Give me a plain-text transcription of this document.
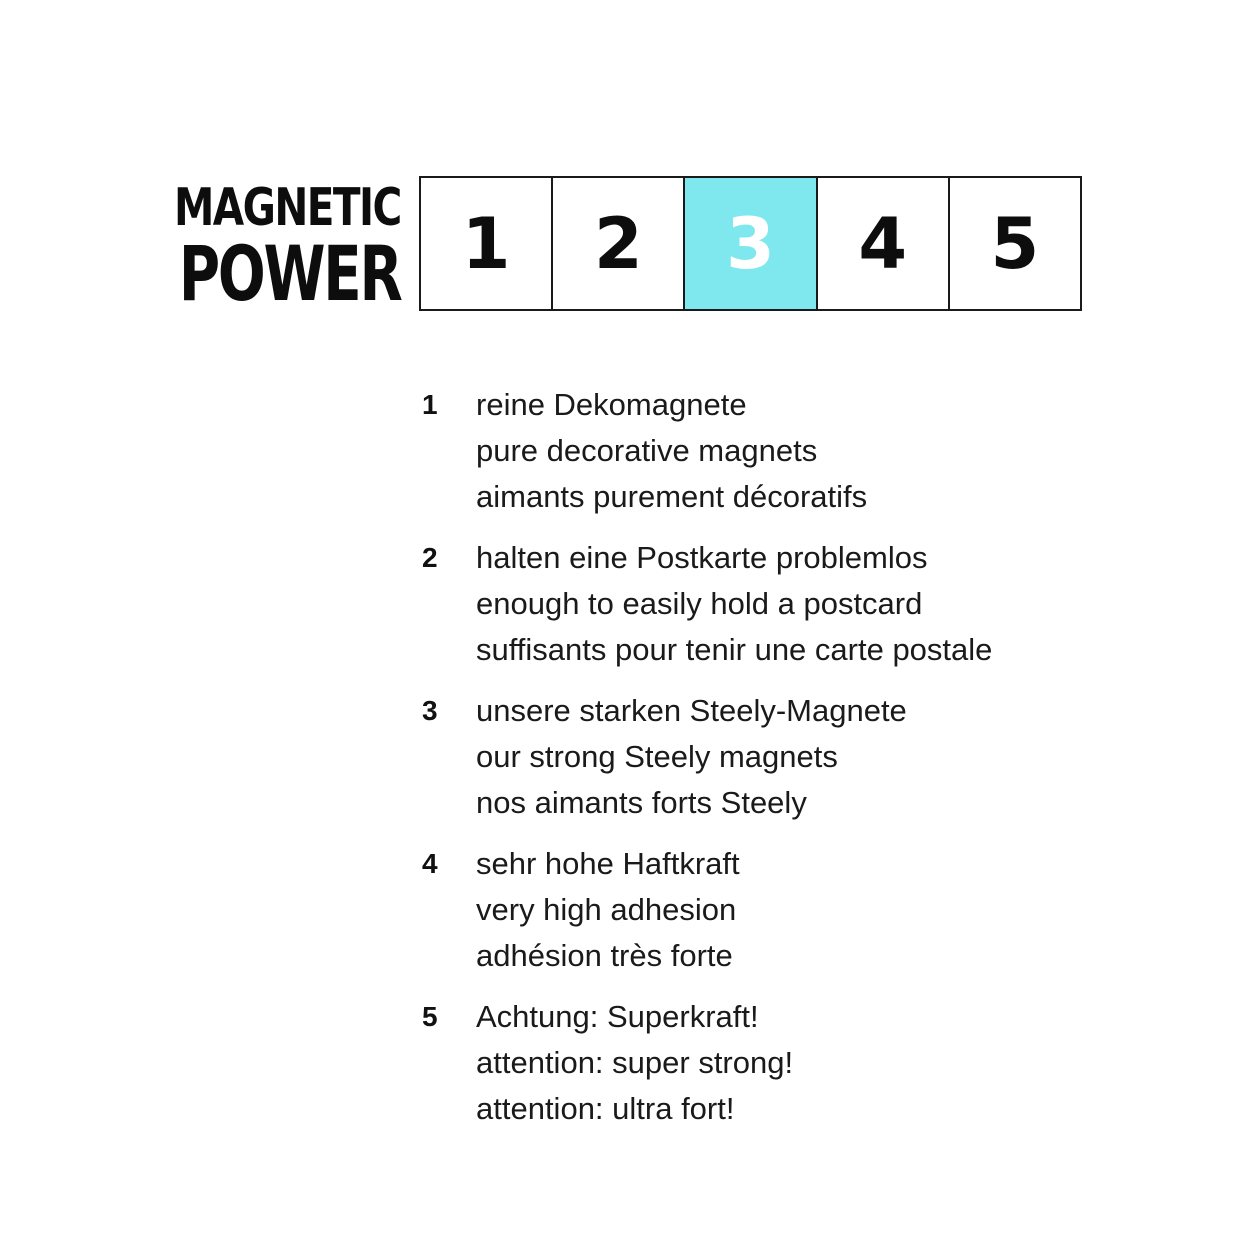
MAGNETIC
POWER 1	2	3	4	5
1	reine Dekomagnete
pure decorative magnets
aimants purement décoratifs
2	halten eine Postkarte problemlos
enough to easily hold a postcard
suffisants pour tenir une carte postale
3	unsere starken Steely-Magnete
our strong Steely magnets
nos aimants forts Steely
4	sehr hohe Haftkraft
very high adhesion
adhésion très forte
5	Achtung: Superkraft!
attention: super strong!
attention: ultra fort!
